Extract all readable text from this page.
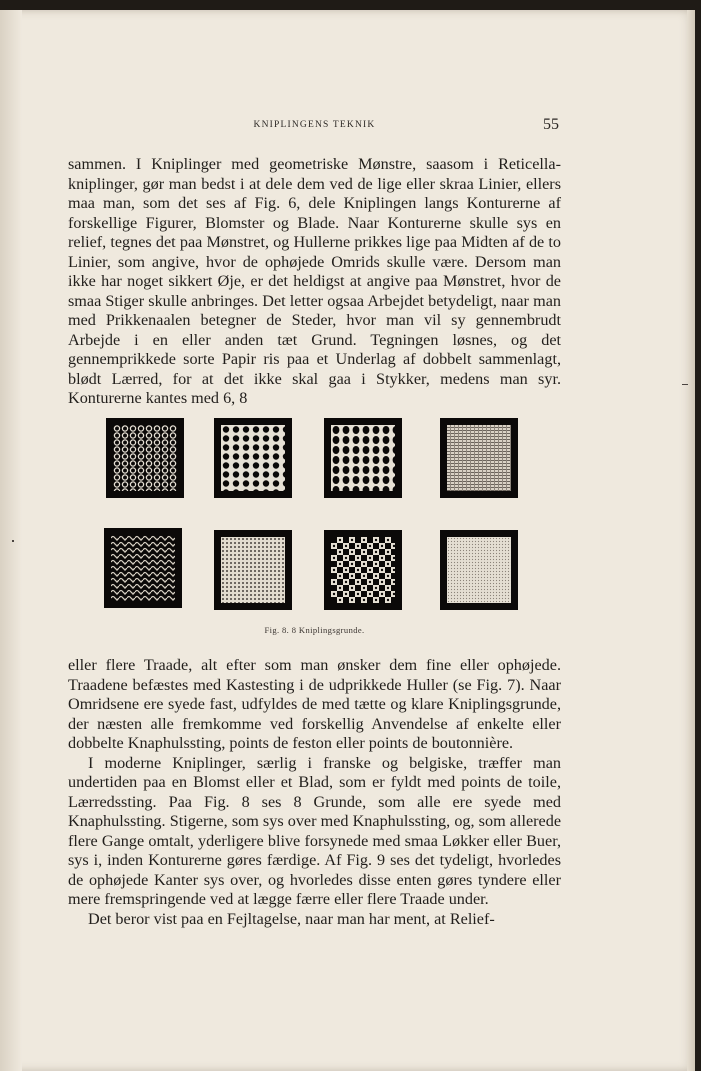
KNIPLINGENS TEKNIK	55

sammen. I Kniplinger med geometriske Mønstre, saasom i Reticella-kniplinger, gør man bedst i at dele dem ved de lige eller skraa Linier, ellers maa man, som det ses af Fig. 6, dele Kniplingen langs Konturerne af forskellige Figurer, Blomster og Blade. Naar Konturerne skulle sys en relief, tegnes det paa Mønstret, og Hullerne prikkes lige paa Midten af de to Linier, som angive, hvor de ophøjede Omrids skulle være. Dersom man ikke har noget sikkert Øje, er det heldigst at angive paa Mønstret, hvor de smaa Stiger skulle anbringes. Det letter ogsaa Arbejdet betydeligt, naar man med Prikkenaalen betegner de Steder, hvor man vil sy gennembrudt Arbejde i en eller anden tæt Grund. Tegningen løsnes, og det gennemprikkede sorte Papir ris paa et Underlag af dobbelt sammenlagt, blødt Lærred, for at det ikke skal gaa i Stykker, medens man syr. Konturerne kantes med 6, 8

Fig. 8. 8 Kniplingsgrunde.

eller flere Traade, alt efter som man ønsker dem fine eller ophøjede. Traadene befæstes med Kastesting i de udprikkede Huller (se Fig. 7). Naar Omridsene ere syede fast, udfyldes de med tætte og klare Kniplingsgrunde, der næsten alle fremkomme ved forskellig Anvendelse af enkelte eller dobbelte Knaphulssting, points de feston eller points de boutonnière.

I moderne Kniplinger, særlig i franske og belgiske, træffer man undertiden paa en Blomst eller et Blad, som er fyldt med points de toile, Lærredssting. Paa Fig. 8 ses 8 Grunde, som alle ere syede med Knaphulssting. Stigerne, som sys over med Knaphulssting, og, som allerede flere Gange omtalt, yderligere blive forsynede med smaa Løkker eller Buer, sys i, inden Konturerne gøres færdige. Af Fig. 9 ses det tydeligt, hvorledes de ophøjede Kanter sys over, og hvorledes disse enten gøres tyndere eller mere fremspringende ved at lægge færre eller flere Traade under.

Det beror vist paa en Fejltagelse, naar man har ment, at Relief-
